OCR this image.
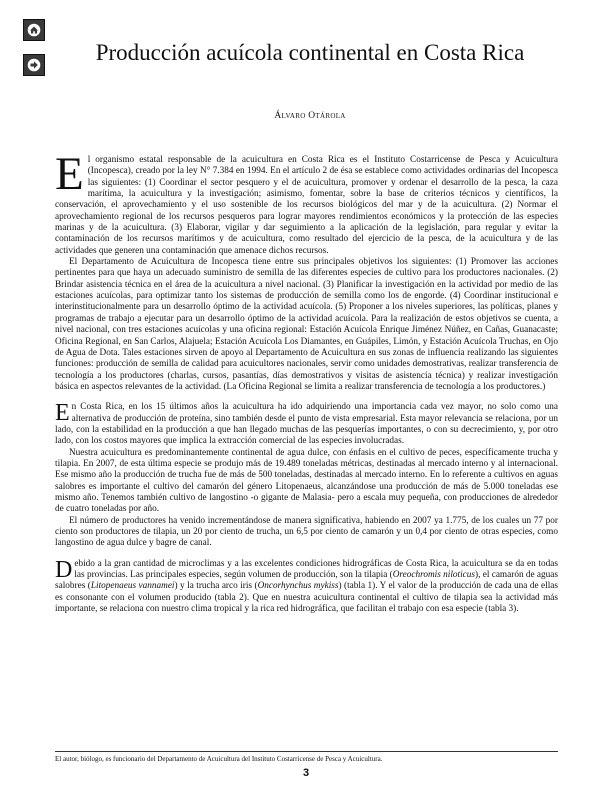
Producción acuícola continental en Costa Rica
Álvaro Otárola

El organismo estatal responsable de la acuicultura en Costa Rica es el Instituto Costarricense de Pesca y Acuicultura (Incopesca), creado por la ley N° 7.384 en 1994. En el artículo 2 de ésa se establece como actividades ordinarias del Incopesca las siguientes: (1) Coordinar el sector pesquero y el de acuicultura, promover y ordenar el desarrollo de la pesca, la caza marítima, la acuicultura y la investigación; asimismo, fomentar, sobre la base de criterios técnicos y científicos, la conservación, el aprovechamiento y el uso sostenible de los recursos biológicos del mar y de la acuicultura. (2) Normar el aprovechamiento regional de los recursos pesqueros para lograr mayores rendimientos económicos y la protección de las especies marinas y de la acuicultura. (3) Elaborar, vigilar y dar seguimiento a la aplicación de la legislación, para regular y evitar la contaminación de los recursos marítimos y de acuicultura, como resultado del ejercicio de la pesca, de la acuicultura y de las actividades que generen una contaminación que amenace dichos recursos.

El Departamento de Acuicultura de Incopesca tiene entre sus principales objetivos los siguientes: (1) Promover las acciones pertinentes para que haya un adecuado suministro de semilla de las diferentes especies de cultivo para los productores nacionales. (2) Brindar asistencia técnica en el área de la acuicultura a nivel nacional. (3) Planificar la investigación en la actividad por medio de las estaciones acuícolas, para optimizar tanto los sistemas de producción de semilla como los de engorde. (4) Coordinar institucional e interinstitucionalmente para un desarrollo óptimo de la actividad acuícola. (5) Proponer a los niveles superiores, las políticas, planes y programas de trabajo a ejecutar para un desarrollo óptimo de la actividad acuícola. Para la realización de estos objetivos se cuenta, a nivel nacional, con tres estaciones acuícolas y una oficina regional: Estación Acuícola Enrique Jiménez Núñez, en Cañas, Guanacaste; Oficina Regional, en San Carlos, Alajuela; Estación Acuícola Los Diamantes, en Guápiles, Limón, y Estación Acuícola Truchas, en Ojo de Agua de Dota. Tales estaciones sirven de apoyo al Departamento de Acuicultura en sus zonas de influencia realizando las siguientes funciones: producción de semilla de calidad para acuicultores nacionales, servir como unidades demostrativas, realizar transferencia de tecnología a los productores (charlas, cursos, pasantías, días demostrativos y visitas de asistencia técnica) y realizar investigación básica en aspectos relevantes de la actividad. (La Oficina Regional se limita a realizar transferencia de tecnología a los productores.)

En Costa Rica, en los 15 últimos años la acuicultura ha ido adquiriendo una importancia cada vez mayor, no solo como una alternativa de producción de proteína, sino también desde el punto de vista empresarial. Esta mayor relevancia se relaciona, por un lado, con la estabilidad en la producción a que han llegado muchas de las pesquerías importantes, o con su decrecimiento, y, por otro lado, con los costos mayores que implica la extracción comercial de las especies involucradas.

Nuestra acuicultura es predominantemente continental de agua dulce, con énfasis en el cultivo de peces, específicamente trucha y tilapia. En 2007, de esta última especie se produjo más de 19.489 toneladas métricas, destinadas al mercado interno y al internacional. Ese mismo año la producción de trucha fue de más de 500 toneladas, destinadas al mercado interno. En lo referente a cultivos en aguas salobres es importante el cultivo del camarón del género Litopenaeus, alcanzándose una producción de más de 5.000 toneladas ese mismo año. Tenemos también cultivo de langostino -o gigante de Malasia- pero a escala muy pequeña, con producciones de alrededor de cuatro toneladas por año.

El número de productores ha venido incrementándose de manera significativa, habiendo en 2007 ya 1.775, de los cuales un 77 por ciento son productores de tilapia, un 20 por ciento de trucha, un 6,5 por ciento de camarón y un 0,4 por ciento de otras especies, como langostino de agua dulce y bagre de canal.

Debido a la gran cantidad de microclimas y a las excelentes condiciones hidrográficas de Costa Rica, la acuicultura se da en todas las provincias. Las principales especies, según volumen de producción, son la tilapia (Oreochromis niloticus), el camarón de aguas salobres (Litopenaeus vannamei) y la trucha arco iris (Oncorhynchus mykiss) (tabla 1). Y el valor de la producción de cada una de ellas es consonante con el volumen producido (tabla 2). Que en nuestra acuicultura continental el cultivo de tilapia sea la actividad más importante, se relaciona con nuestro clima tropical y la rica red hidrográfica, que facilitan el trabajo con esa especie (tabla 3).

El autor, biólogo, es funcionario del Departamento de Acuicultura del Instituto Costarricense de Pesca y Acuicultura.
3
